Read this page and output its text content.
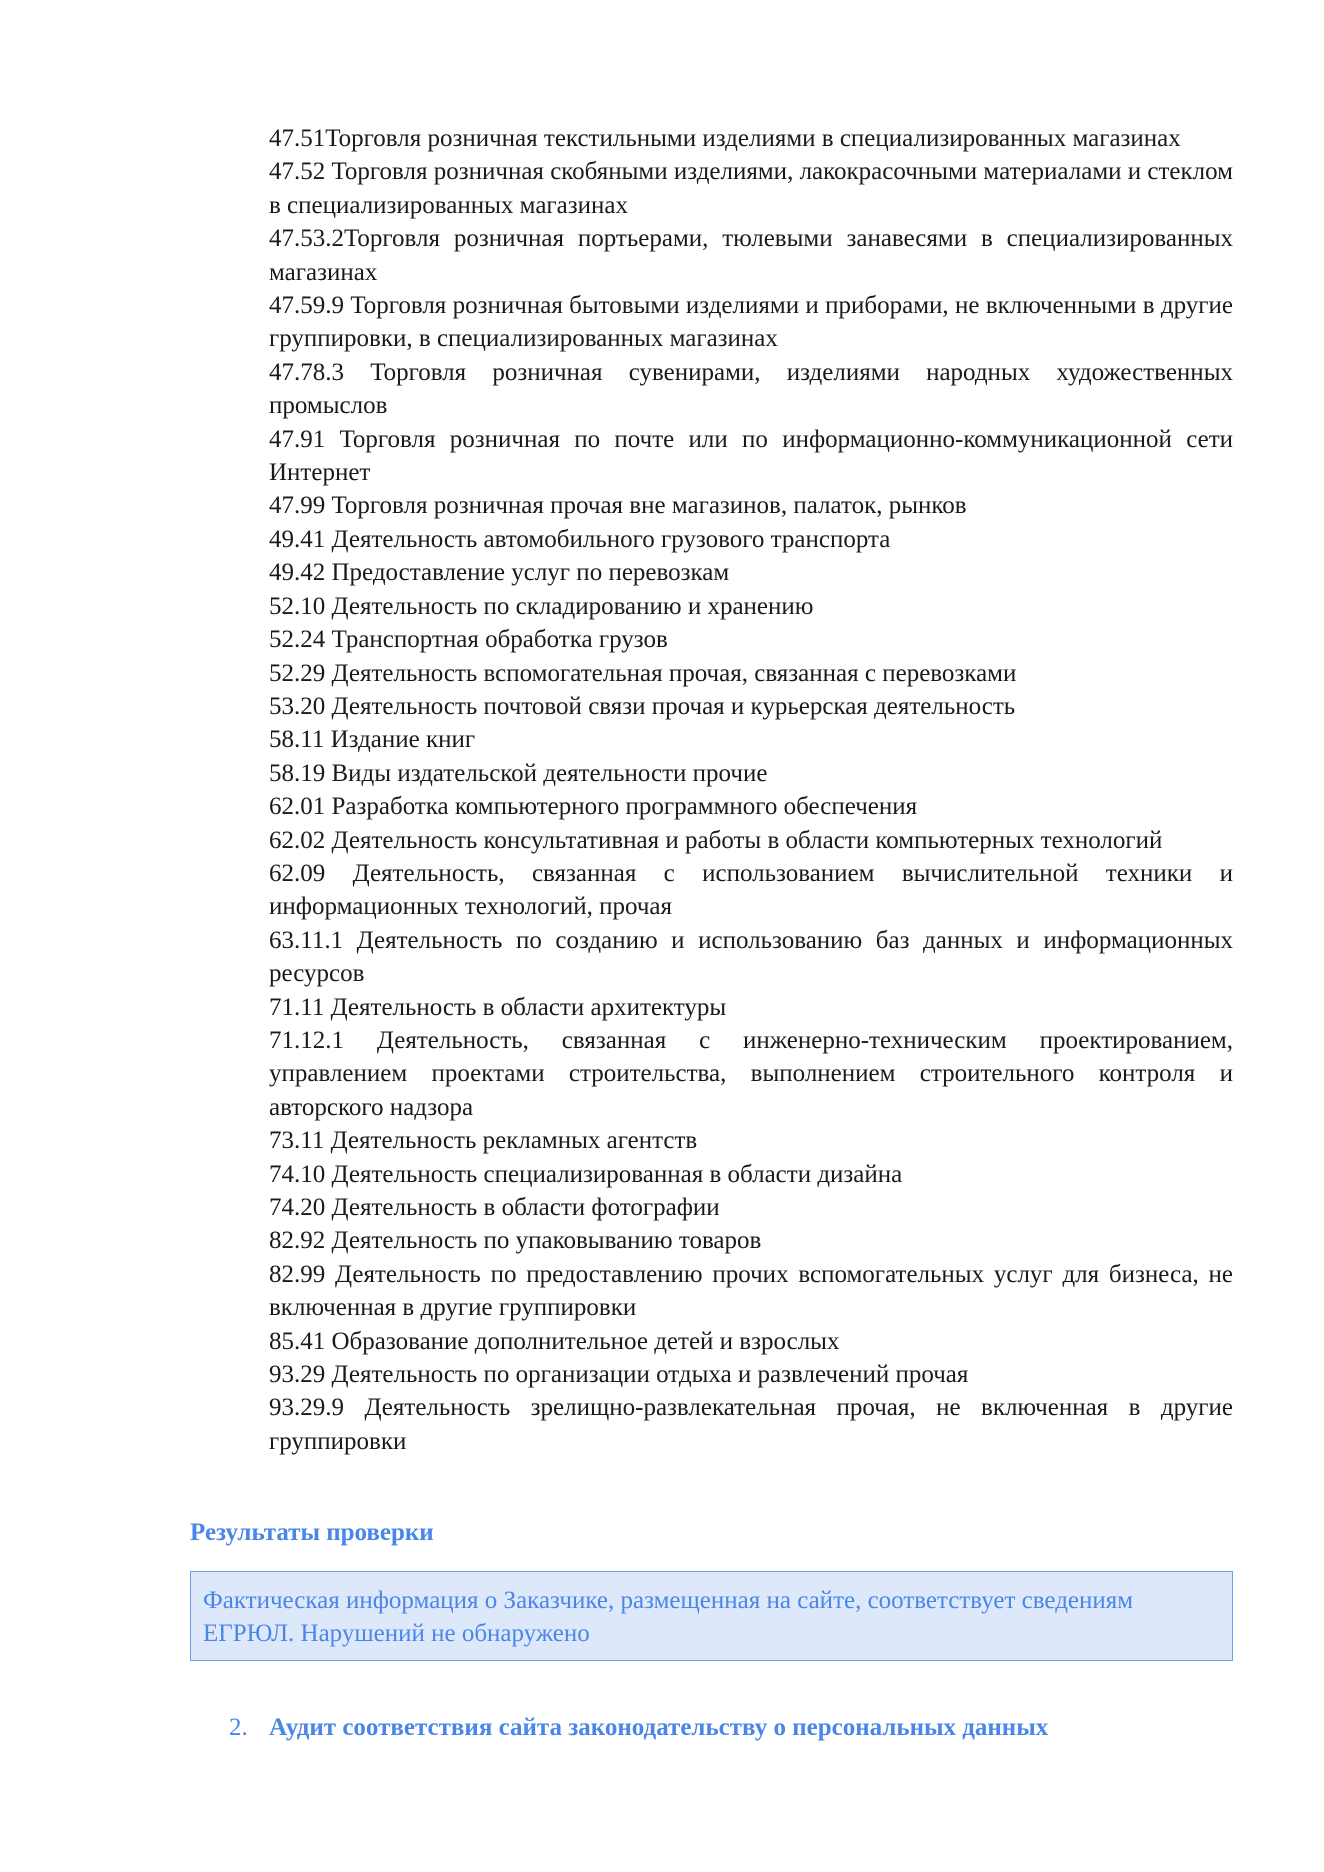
47.51Торговля розничная текстильными изделиями в специализированных магазинах
47.52 Торговля розничная скобяными изделиями, лакокрасочными материалами и стеклом в специализированных магазинах
47.53.2Торговля розничная портьерами, тюлевыми занавесями в специализированных магазинах
47.59.9 Торговля розничная бытовыми изделиями и приборами, не включенными в другие группировки, в специализированных магазинах
47.78.3 Торговля розничная сувенирами, изделиями народных художественных промыслов
47.91 Торговля розничная по почте или по информационно-коммуникационной сети Интернет
47.99 Торговля розничная прочая вне магазинов, палаток, рынков
49.41 Деятельность автомобильного грузового транспорта
49.42 Предоставление услуг по перевозкам
52.10 Деятельность по складированию и хранению
52.24 Транспортная обработка грузов
52.29 Деятельность вспомогательная прочая, связанная с перевозками
53.20 Деятельность почтовой связи прочая и курьерская деятельность
58.11 Издание книг
58.19 Виды издательской деятельности прочие
62.01 Разработка компьютерного программного обеспечения
62.02 Деятельность консультативная и работы в области компьютерных технологий
62.09 Деятельность, связанная с использованием вычислительной техники и информационных технологий, прочая
63.11.1 Деятельность по созданию и использованию баз данных и информационных ресурсов
71.11 Деятельность в области архитектуры
71.12.1 Деятельность, связанная с инженерно-техническим проектированием, управлением проектами строительства, выполнением строительного контроля и авторского надзора
73.11 Деятельность рекламных агентств
74.10 Деятельность специализированная в области дизайна
74.20 Деятельность в области фотографии
82.92 Деятельность по упаковыванию товаров
82.99 Деятельность по предоставлению прочих вспомогательных услуг для бизнеса, не включенная в другие группировки
85.41 Образование дополнительное детей и взрослых
93.29 Деятельность по организации отдыха и развлечений прочая
93.29.9 Деятельность зрелищно-развлекательная прочая, не включенная в другие группировки
Результаты проверки
Фактическая информация о Заказчике, размещенная на сайте, соответствует сведениям ЕГРЮЛ. Нарушений не обнаружено
2. Аудит соответствия сайта законодательству о персональных данных
